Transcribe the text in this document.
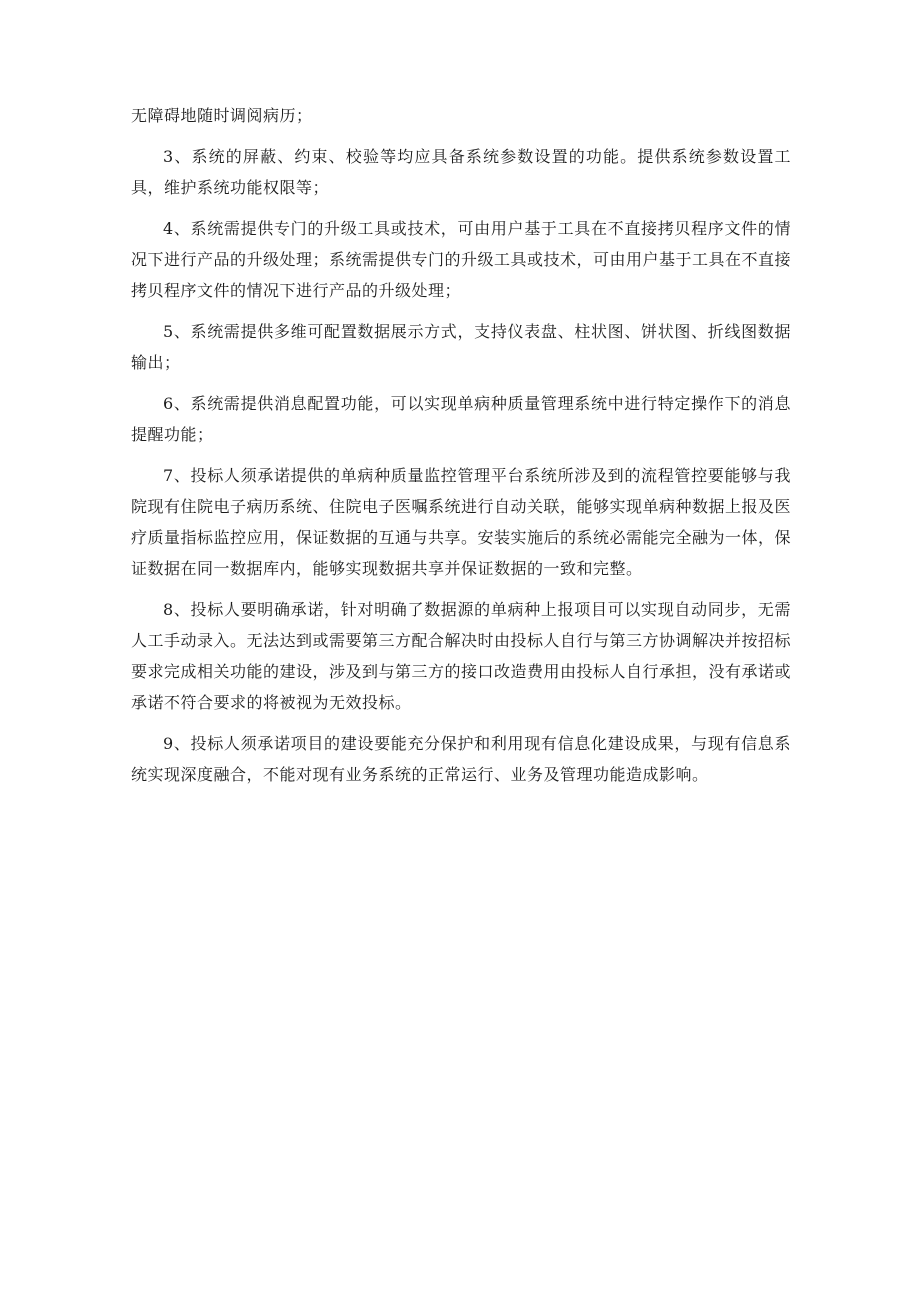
无障碍地随时调阅病历；

3、系统的屏蔽、约束、校验等均应具备系统参数设置的功能。提供系统参数设置工具，维护系统功能权限等；

4、系统需提供专门的升级工具或技术，可由用户基于工具在不直接拷贝程序文件的情况下进行产品的升级处理；系统需提供专门的升级工具或技术，可由用户基于工具在不直接拷贝程序文件的情况下进行产品的升级处理；

5、系统需提供多维可配置数据展示方式，支持仪表盘、柱状图、饼状图、折线图数据输出；

6、系统需提供消息配置功能，可以实现单病种质量管理系统中进行特定操作下的消息提醒功能；

7、投标人须承诺提供的单病种质量监控管理平台系统所涉及到的流程管控要能够与我院现有住院电子病历系统、住院电子医嘱系统进行自动关联，能够实现单病种数据上报及医疗质量指标监控应用，保证数据的互通与共享。安装实施后的系统必需能完全融为一体，保证数据在同一数据库内，能够实现数据共享并保证数据的一致和完整。

8、投标人要明确承诺，针对明确了数据源的单病种上报项目可以实现自动同步，无需人工手动录入。无法达到或需要第三方配合解决时由投标人自行与第三方协调解决并按招标要求完成相关功能的建设，涉及到与第三方的接口改造费用由投标人自行承担，没有承诺或承诺不符合要求的将被视为无效投标。

9、投标人须承诺项目的建设要能充分保护和利用现有信息化建设成果，与现有信息系统实现深度融合，不能对现有业务系统的正常运行、业务及管理功能造成影响。
